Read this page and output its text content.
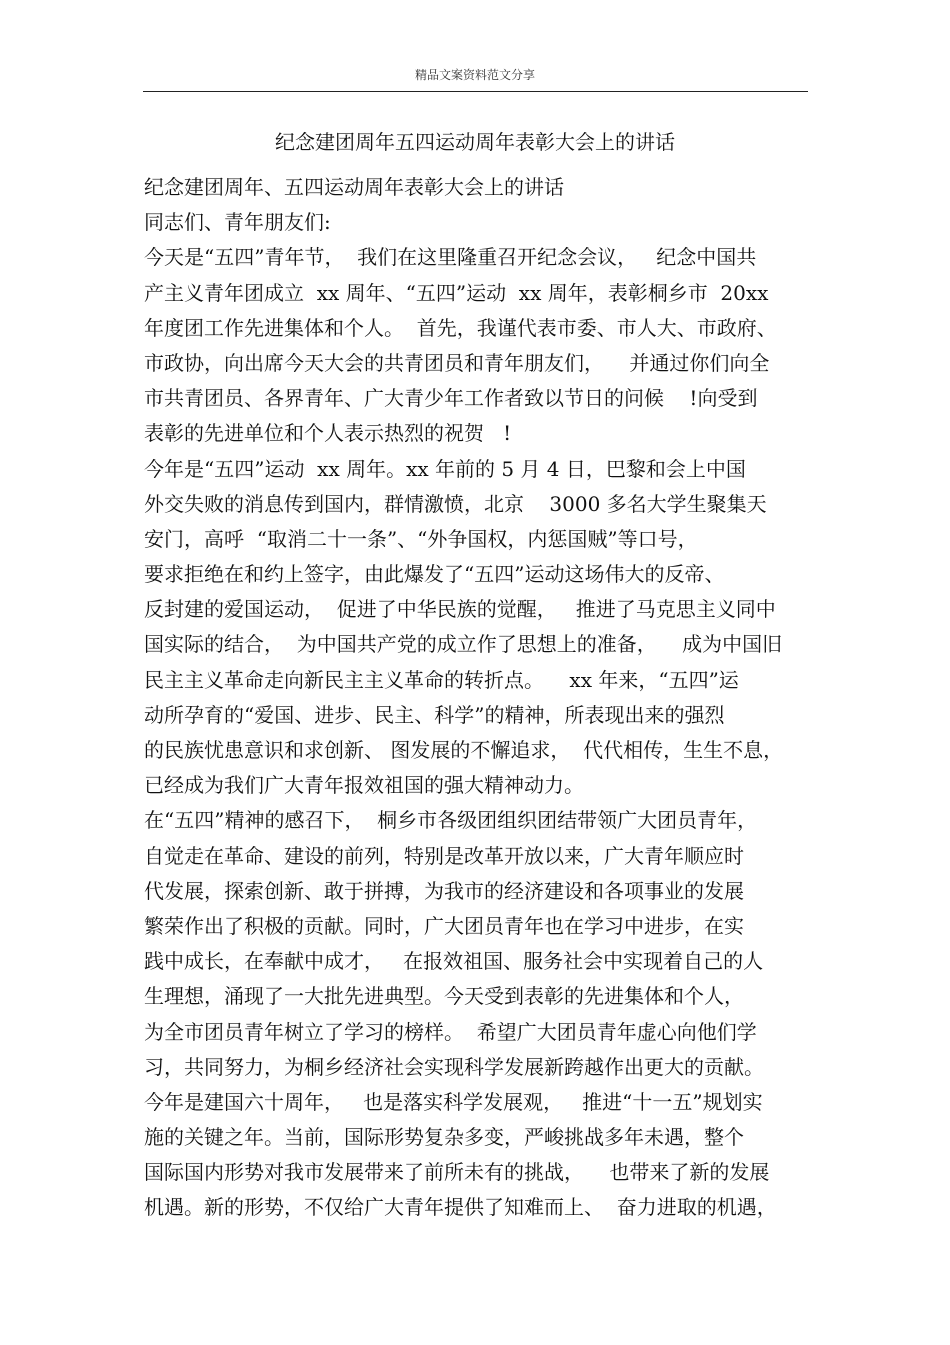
精品文案资料范文分享
纪念建团周年五四运动周年表彰大会上的讲话
纪念建团周年、五四运动周年表彰大会上的讲话
同志们、青年朋友们:
今天是“五四”青年节，  我们在这里隆重召开纪念会议，   纪念中国共
产主义青年团成立  xx 周年、“五四”运动  xx 周年，表彰桐乡市  20xx
年度团工作先进集体和个人。  首先，我谨代表市委、市人大、市政府、
市政协，向出席今天大会的共青团员和青年朋友们，    并通过你们向全
市共青团员、各界青年、广大青少年工作者致以节日的问候    !向受到
表彰的先进单位和个人表示热烈的祝贺   !
今年是“五四”运动  xx 周年。xx 年前的 5 月 4 日，巴黎和会上中国
外交失败的消息传到国内，群情激愤，北京    3000 多名大学生聚集天
安门，高呼  “取消二十一条”、“外争国权，内惩国贼”等口号，
要求拒绝在和约上签字，由此爆发了“五四”运动这场伟大的反帝、
反封建的爱国运动，  促进了中华民族的觉醒，   推进了马克思主义同中
国实际的结合，  为中国共产党的成立作了思想上的准备，    成为中国旧
民主主义革命走向新民主主义革命的转折点。    xx 年来，“五四”运
动所孕育的“爱国、进步、民主、科学”的精神，所表现出来的强烈
的民族忧患意识和求创新、 图发展的不懈追求，  代代相传，生生不息，
已经成为我们广大青年报效祖国的强大精神动力。
在“五四”精神的感召下，  桐乡市各级团组织团结带领广大团员青年，
自觉走在革命、建设的前列，特别是改革开放以来，广大青年顺应时
代发展，探索创新、敢于拼搏，为我市的经济建设和各项事业的发展
繁荣作出了积极的贡献。同时，广大团员青年也在学习中进步，在实
践中成长，在奉献中成才，   在报效祖国、服务社会中实现着自己的人
生理想，涌现了一大批先进典型。今天受到表彰的先进集体和个人，
为全市团员青年树立了学习的榜样。  希望广大团员青年虚心向他们学
习，共同努力，为桐乡经济社会实现科学发展新跨越作出更大的贡献。
今年是建国六十周年，   也是落实科学发展观，   推进“十一五”规划实
施的关键之年。当前，国际形势复杂多变，严峻挑战多年未遇，整个
国际国内形势对我市发展带来了前所未有的挑战，    也带来了新的发展
机遇。新的形势，不仅给广大青年提供了知难而上、  奋力进取的机遇，
